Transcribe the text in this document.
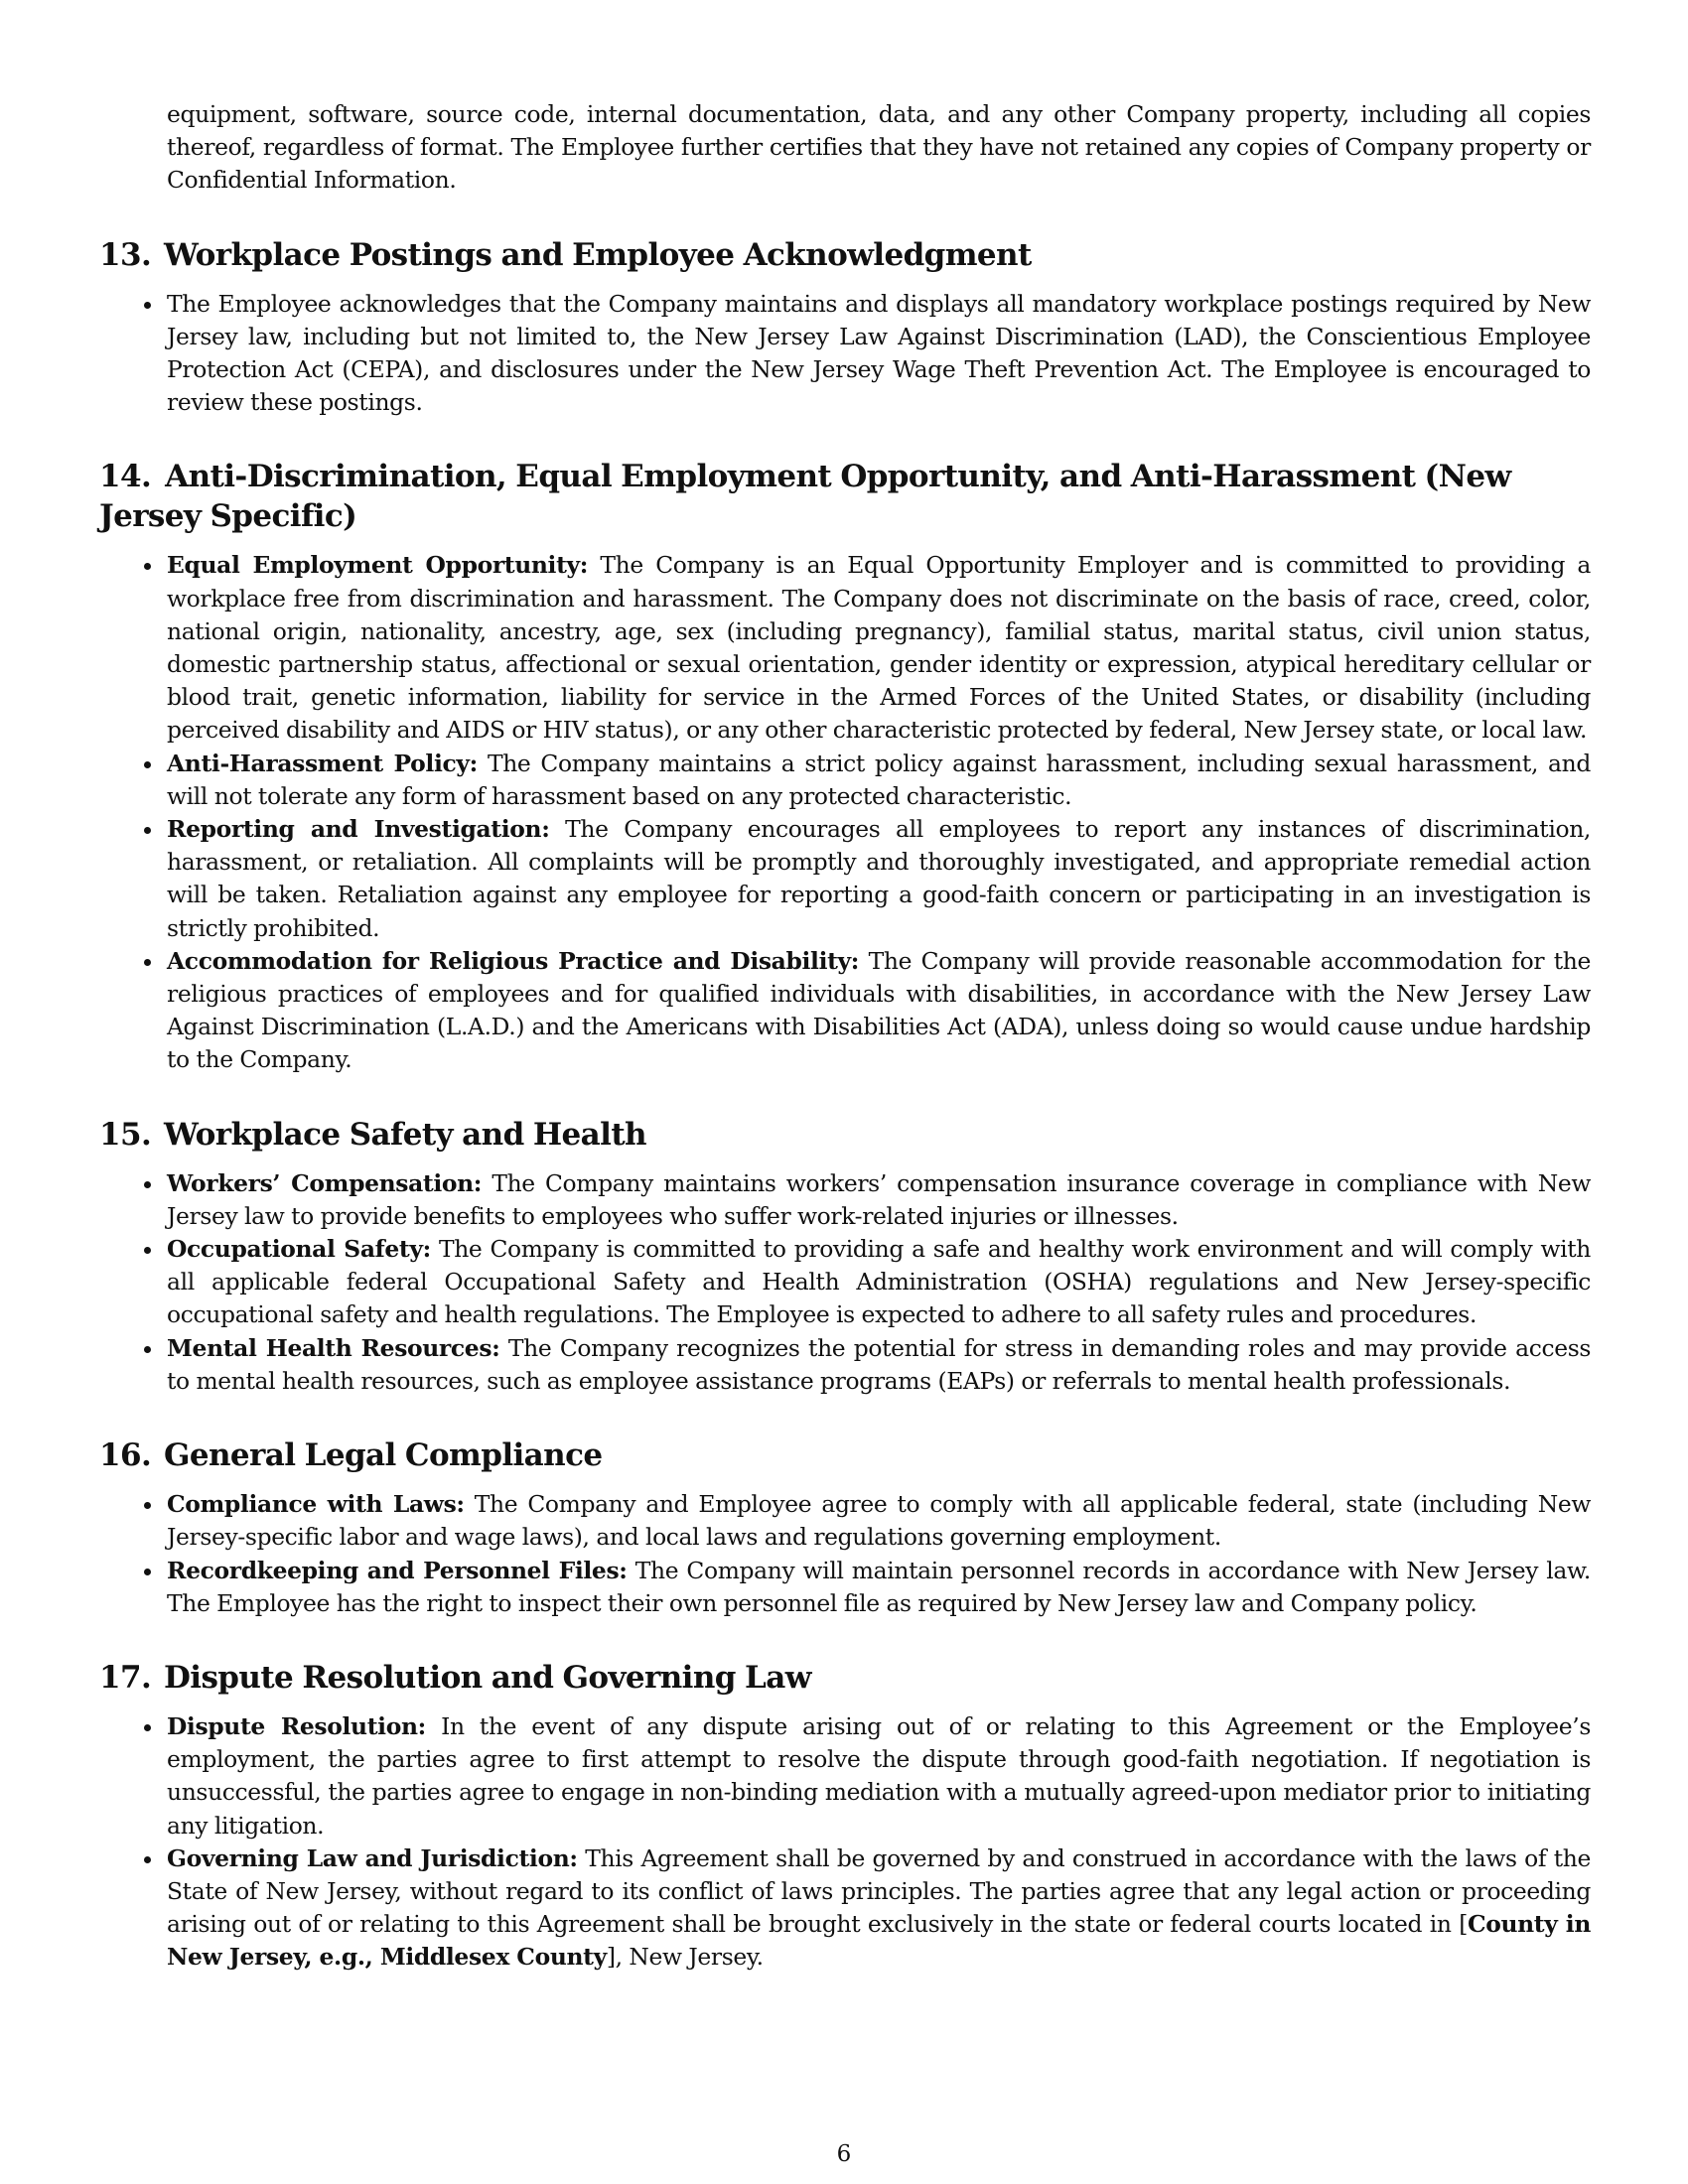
equipment, software, source code, internal documentation, data, and any other Company property, including all copies thereof, regardless of format. The Employee further certifies that they have not retained any copies of Company property or Confidential Information.

13. Workplace Postings and Employee Acknowledgment
The Employee acknowledges that the Company maintains and displays all mandatory workplace postings required by New Jersey law, including but not limited to, the New Jersey Law Against Discrimination (LAD), the Conscientious Employee Protection Act (CEPA), and disclosures under the New Jersey Wage Theft Prevention Act. The Employee is encouraged to review these postings.
14. Anti-Discrimination, Equal Employment Opportunity, and Anti-Harassment (New Jersey Specific)
Equal Employment Opportunity: The Company is an Equal Opportunity Employer and is committed to providing a workplace free from discrimination and harassment. The Company does not discriminate on the basis of race, creed, color, national origin, nationality, ancestry, age, sex (including pregnancy), familial status, marital status, civil union status, domestic partnership status, affectional or sexual orientation, gender identity or expression, atypical hereditary cellular or blood trait, genetic information, liability for service in the Armed Forces of the United States, or disability (including perceived disability and AIDS or HIV status), or any other characteristic protected by federal, New Jersey state, or local law.
Anti-Harassment Policy: The Company maintains a strict policy against harassment, including sexual harassment, and will not tolerate any form of harassment based on any protected characteristic.
Reporting and Investigation: The Company encourages all employees to report any instances of discrimination, harassment, or retaliation. All complaints will be promptly and thoroughly investigated, and appropriate remedial action will be taken. Retaliation against any employee for reporting a good-faith concern or participating in an investigation is strictly prohibited.
Accommodation for Religious Practice and Disability: The Company will provide reasonable accommodation for the religious practices of employees and for qualified individuals with disabilities, in accordance with the New Jersey Law Against Discrimination (L.A.D.) and the Americans with Disabilities Act (ADA), unless doing so would cause undue hardship to the Company.
15. Workplace Safety and Health
Workers’ Compensation: The Company maintains workers’ compensation insurance coverage in compliance with New Jersey law to provide benefits to employees who suffer work-related injuries or illnesses.
Occupational Safety: The Company is committed to providing a safe and healthy work environment and will comply with all applicable federal Occupational Safety and Health Administration (OSHA) regulations and New Jersey-specific occupational safety and health regulations. The Employee is expected to adhere to all safety rules and procedures.
Mental Health Resources: The Company recognizes the potential for stress in demanding roles and may provide access to mental health resources, such as employee assistance programs (EAPs) or referrals to mental health professionals.
16. General Legal Compliance
Compliance with Laws: The Company and Employee agree to comply with all applicable federal, state (including New Jersey-specific labor and wage laws), and local laws and regulations governing employment.
Recordkeeping and Personnel Files: The Company will maintain personnel records in accordance with New Jersey law. The Employee has the right to inspect their own personnel file as required by New Jersey law and Company policy.
17. Dispute Resolution and Governing Law
Dispute Resolution: In the event of any dispute arising out of or relating to this Agreement or the Employee’s employment, the parties agree to first attempt to resolve the dispute through good-faith negotiation. If negotiation is unsuccessful, the parties agree to engage in non-binding mediation with a mutually agreed-upon mediator prior to initiating any litigation.
Governing Law and Jurisdiction: This Agreement shall be governed by and construed in accordance with the laws of the State of New Jersey, without regard to its conflict of laws principles. The parties agree that any legal action or proceeding arising out of or relating to this Agreement shall be brought exclusively in the state or federal courts located in [County in New Jersey, e.g., Middlesex County], New Jersey.
6
